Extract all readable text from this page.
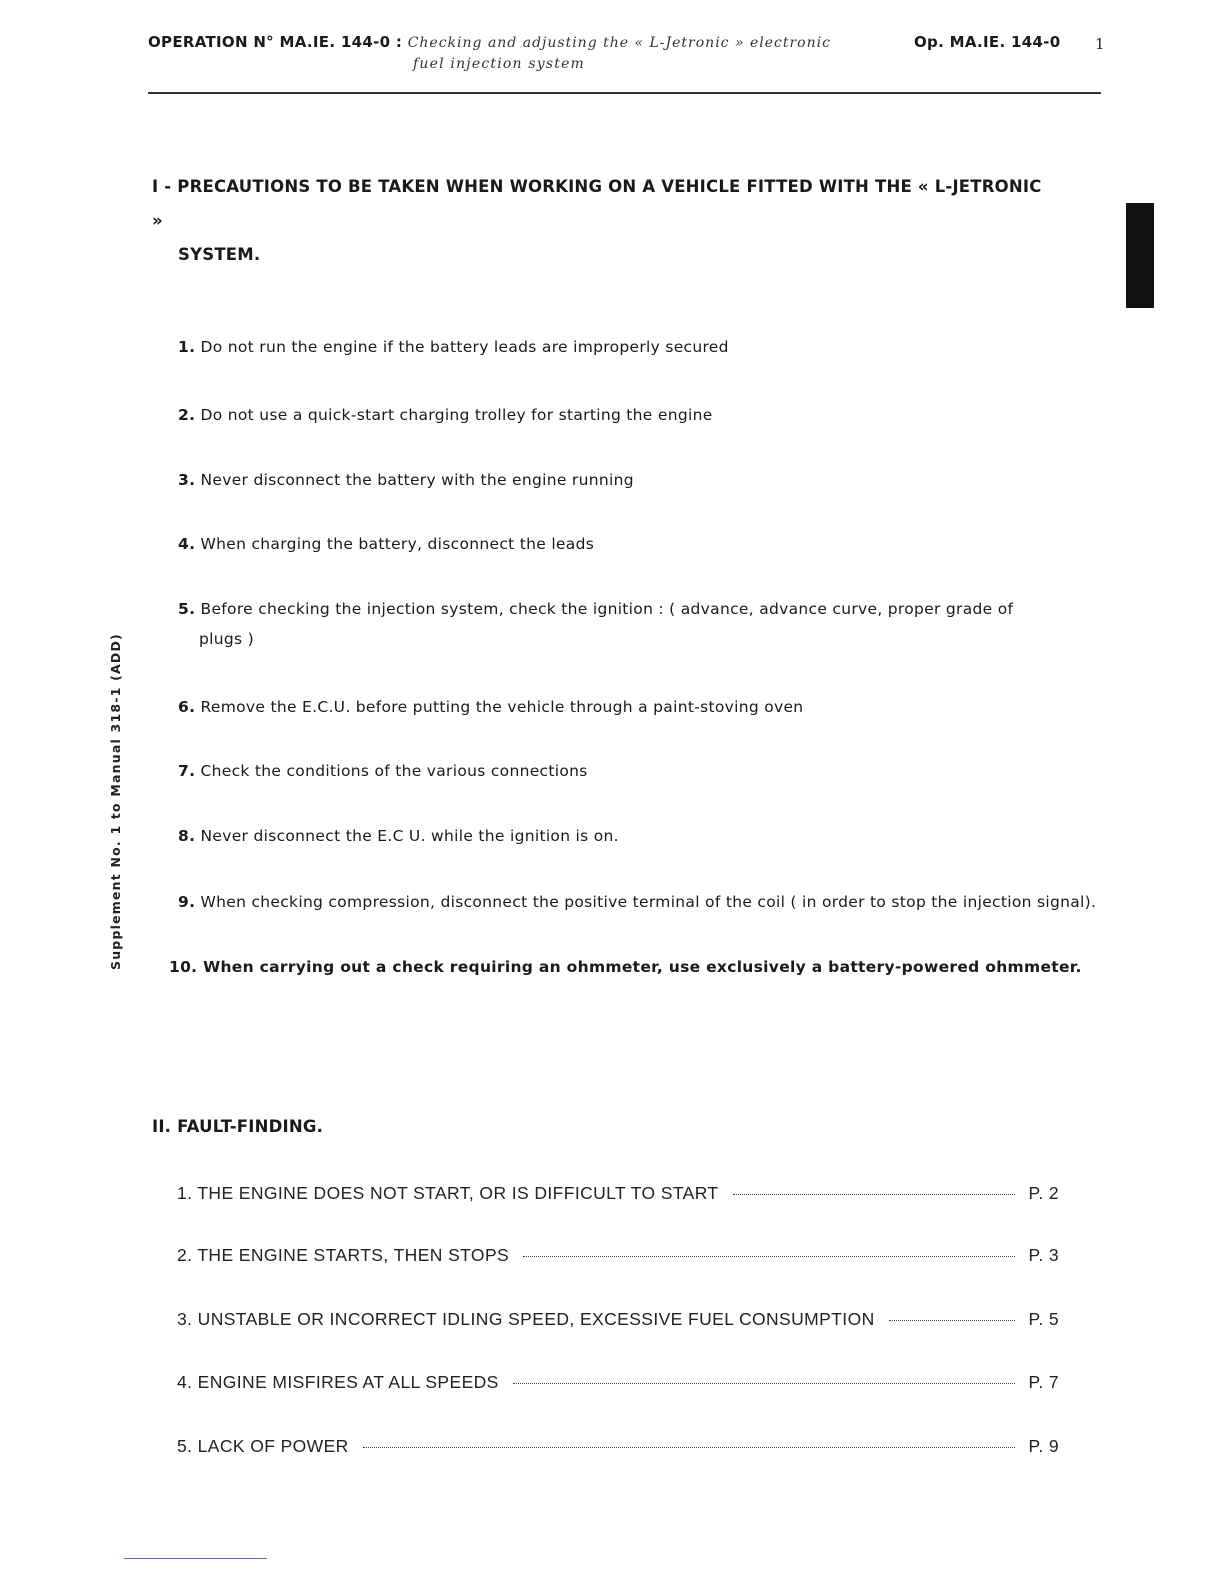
OPERATION N° MA.IE. 144-0 : Checking and adjusting the « L-Jetronic » electronic
fuel injection system
Op. MA.IE. 144-0 1
Supplement No. 1 to Manual 318-1 (ADD)
I - PRECAUTIONS TO BE TAKEN WHEN WORKING ON A VEHICLE FITTED WITH THE « L-JETRONIC »
SYSTEM.
1. Do not run the engine if the battery leads are improperly secured
2. Do not use a quick-start charging trolley for starting the engine
3. Never disconnect the battery with the engine running
4. When charging the battery, disconnect the leads
5. Before checking the injection system, check the ignition : ( advance, advance curve, proper grade of
plugs )
6. Remove the E.C.U. before putting the vehicle through a paint-stoving oven
7. Check the conditions of the various connections
8. Never disconnect the E.C U. while the ignition is on.
9. When checking compression, disconnect the positive terminal of the coil ( in order to stop the injection signal).
10. When carrying out a check requiring an ohmmeter, use exclusively a battery-powered ohmmeter.
II. FAULT-FINDING.
1. THE ENGINE DOES NOT START, OR IS DIFFICULT TO START	P. 2
2. THE ENGINE STARTS, THEN STOPS	P. 3
3. UNSTABLE OR INCORRECT IDLING SPEED, EXCESSIVE FUEL CONSUMPTION	P. 5
4. ENGINE MISFIRES AT ALL SPEEDS	P. 7
5. LACK OF POWER	P. 9
